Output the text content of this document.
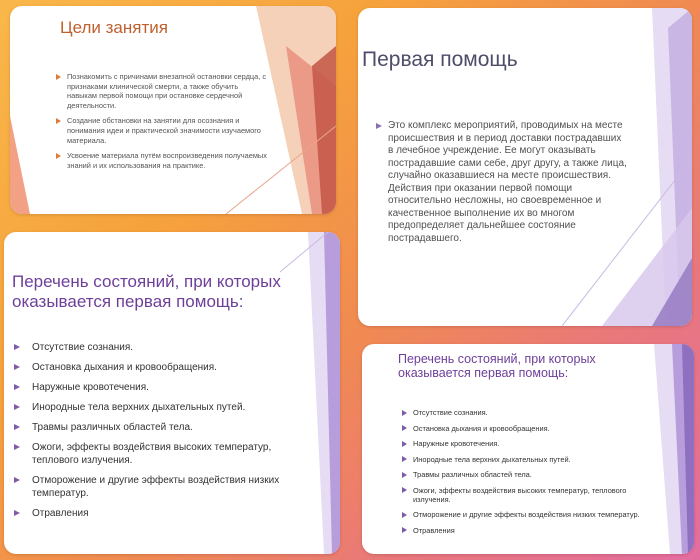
Цели занятия
Познакомить с причинами внезапной остановки сердца, с признаками клинической смерти, а также обучить навыкам первой помощи при остановке сердечной деятельности.
Создание обстановки на занятии для осознания и понимания идеи и практической значимости изучаемого материала.
Усвоение материала путём воспроизведения получаемых знаний и их использования на практике.
Первая помощь

Это комплекс мероприятий, проводимых на месте происшествия и в период доставки пострадавших в лечебное учреждение. Ее могут оказывать пострадавшие сами себе, друг другу, а также лица, случайно оказавшиеся на месте происшествия. Действия при оказании первой помощи относительно несложны, но своевременное и качественное выполнение их во многом предопределяет дальнейшее состояние пострадавшего.

Перечень состояний, при которых оказывается первая помощь:
Отсутствие сознания.
Остановка дыхания и кровообращения.
Наружные кровотечения.
Инородные тела верхних дыхательных путей.
Травмы различных областей тела.
Ожоги, эффекты воздействия высоких температур, теплового излучения.
Отморожение и другие эффекты воздействия низких температур.
Отравления
Перечень состояний, при которых оказывается первая помощь:
Отсутствие сознания.
Остановка дыхания и кровообращения.
Наружные кровотечения.
Инородные тела верхних дыхательных путей.
Травмы различных областей тела.
Ожоги, эффекты воздействия высоких температур, теплового излучения.
Отморожение и другие эффекты воздействия низких температур.
Отравления
